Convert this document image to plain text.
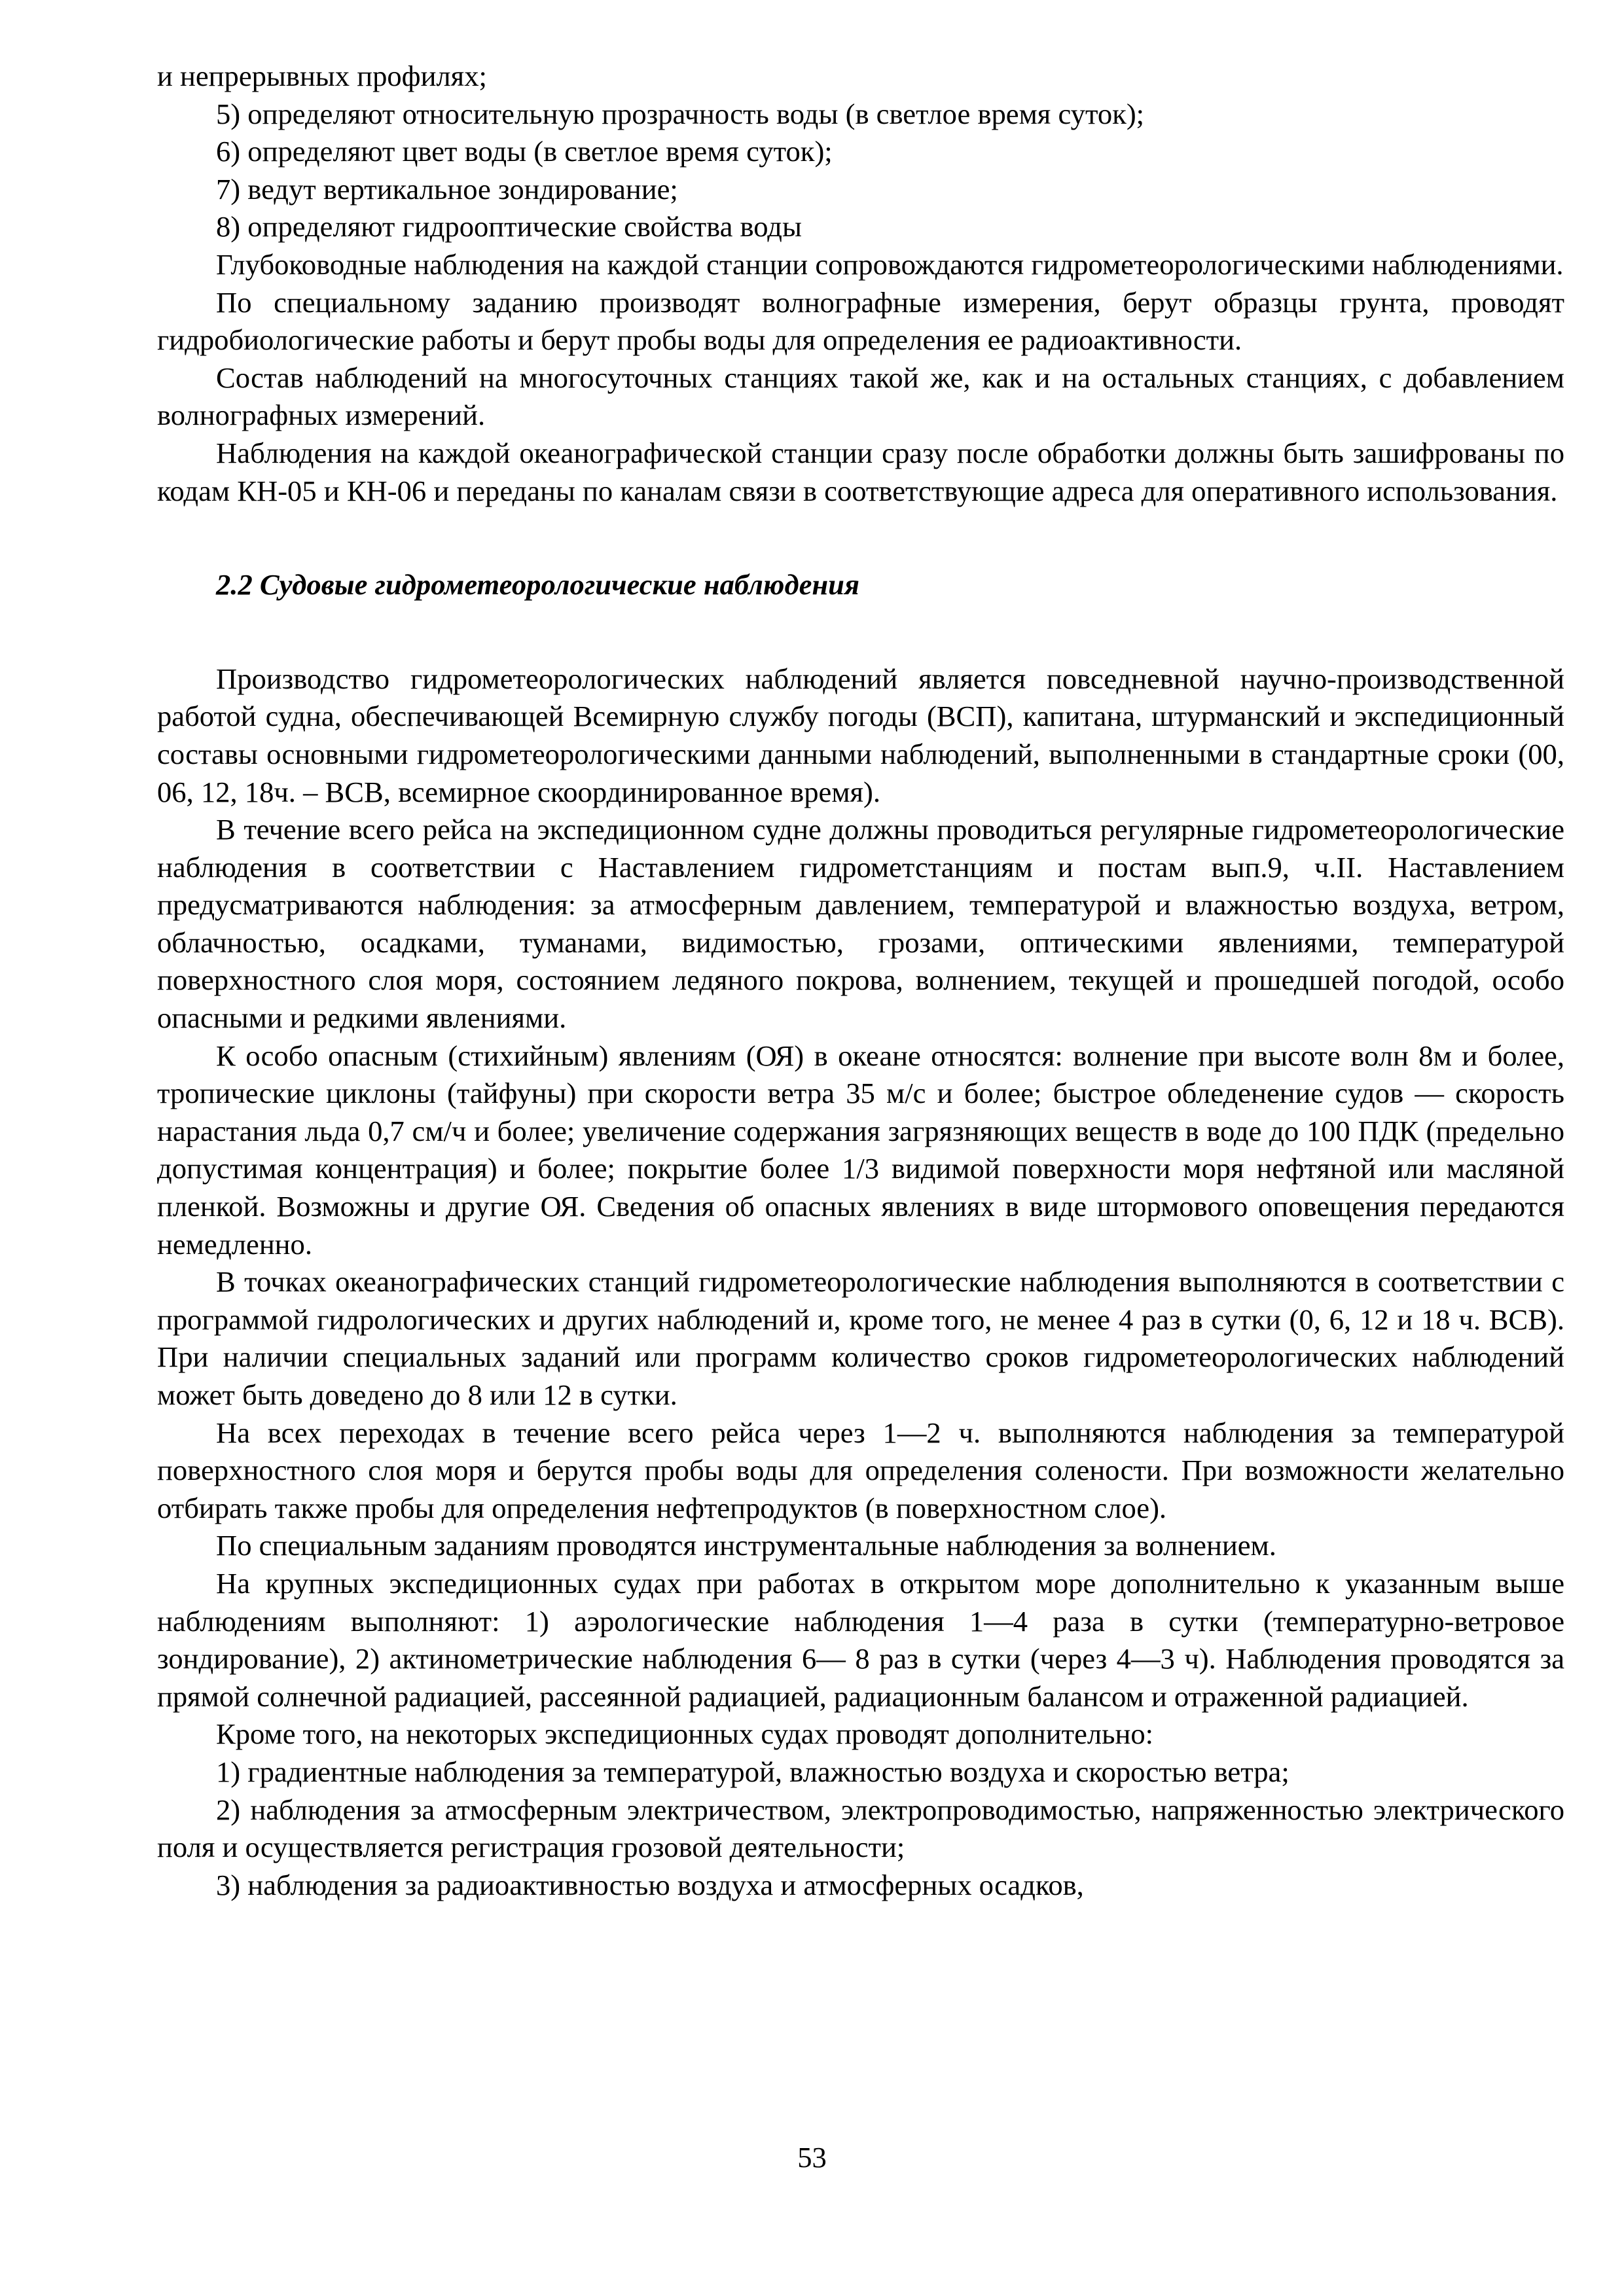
и непрерывных профилях;

5) определяют относительную прозрачность воды (в светлое время суток);

6) определяют цвет воды (в светлое время суток);

7) ведут вертикальное зондирование;

8) определяют гидрооптические свойства воды

Глубоководные наблюдения на каждой станции сопровождаются гидрометеорологическими наблюдениями.

По специальному заданию производят волнографные измерения, берут образцы грунта, проводят гидробиологические работы и берут пробы воды для определения ее радиоактивности.

Состав наблюдений на многосуточных станциях такой же, как и на остальных станциях, с добавлением волнографных измерений.

Наблюдения на каждой океанографической станции сразу после обработки должны быть зашифрованы по кодам КН-05 и КН-06 и переданы по каналам связи в соответствующие адреса для оперативного использования.

2.2 Судовые гидрометеорологические наблюдения

Производство гидрометеорологических наблюдений является повседневной научно-производственной работой судна, обеспечивающей Всемирную службу погоды (ВСП), капитана, штурманский и экспедиционный составы основными гидрометеорологическими данными наблюдений, выполненными в стандартные сроки (00, 06, 12, 18ч. – ВСВ, всемирное скоординированное время).

В течение всего рейса на экспедиционном судне должны проводиться регулярные гидрометеорологические наблюдения в соответствии с Наставлением гидрометстанциям и постам вып.9, ч.II. Наставлением предусматриваются наблюдения: за атмосферным давлением, температурой и влажностью воздуха, ветром, облачностью, осадками, туманами, видимостью, грозами, оптическими явлениями, температурой поверхностного слоя моря, состоянием ледяного покрова, волнением, текущей и прошедшей погодой, особо опасными и редкими явлениями.

К особо опасным (стихийным) явлениям (ОЯ) в океане относятся: волнение при высоте волн 8м и более, тропические циклоны (тайфуны) при скорости ветра 35 м/с и более; быстрое обледенение судов — скорость нарастания льда 0,7 см/ч и более; увеличение содержания загрязняющих веществ в воде до 100 ПДК (предельно допустимая концентрация) и более; покрытие более 1/3 видимой поверхности моря нефтяной или масляной пленкой. Возможны и другие ОЯ. Сведения об опасных явлениях в виде штормового оповещения передаются немедленно.

В точках океанографических станций гидрометеорологические наблюдения выполняются в соответствии с программой гидрологических и других наблюдений и, кроме того, не менее 4 раз в сутки (0, 6, 12 и 18 ч. ВСВ). При наличии специальных заданий или программ количество сроков гидрометеорологических наблюдений может быть доведено до 8 или 12 в сутки.

На всех переходах в течение всего рейса через 1—2 ч. выполняются наблюдения за температурой поверхностного слоя моря и берутся пробы воды для определения солености. При возможности желательно отбирать также пробы для определения нефтепродуктов (в поверхностном слое).

По специальным заданиям проводятся инструментальные наблюдения за волнением.

На крупных экспедиционных судах при работах в открытом море дополнительно к указанным выше наблюдениям выполняют: 1) аэрологические наблюдения 1—4 раза в сутки (температурно-ветровое зондирование), 2) актинометрические наблюдения 6— 8 раз в сутки (через 4—3 ч). Наблюдения проводятся за прямой солнечной радиацией, рассеянной радиацией, радиационным балансом и отраженной радиацией.

Кроме того, на некоторых экспедиционных судах проводят дополнительно:

1) градиентные наблюдения за температурой, влажностью воздуха и скоростью ветра;

2) наблюдения за атмосферным электричеством, электропроводимостью, напряженностью электрического поля и осуществляется регистрация грозовой деятельности;

3) наблюдения за радиоактивностью воздуха и атмосферных осадков,

53
